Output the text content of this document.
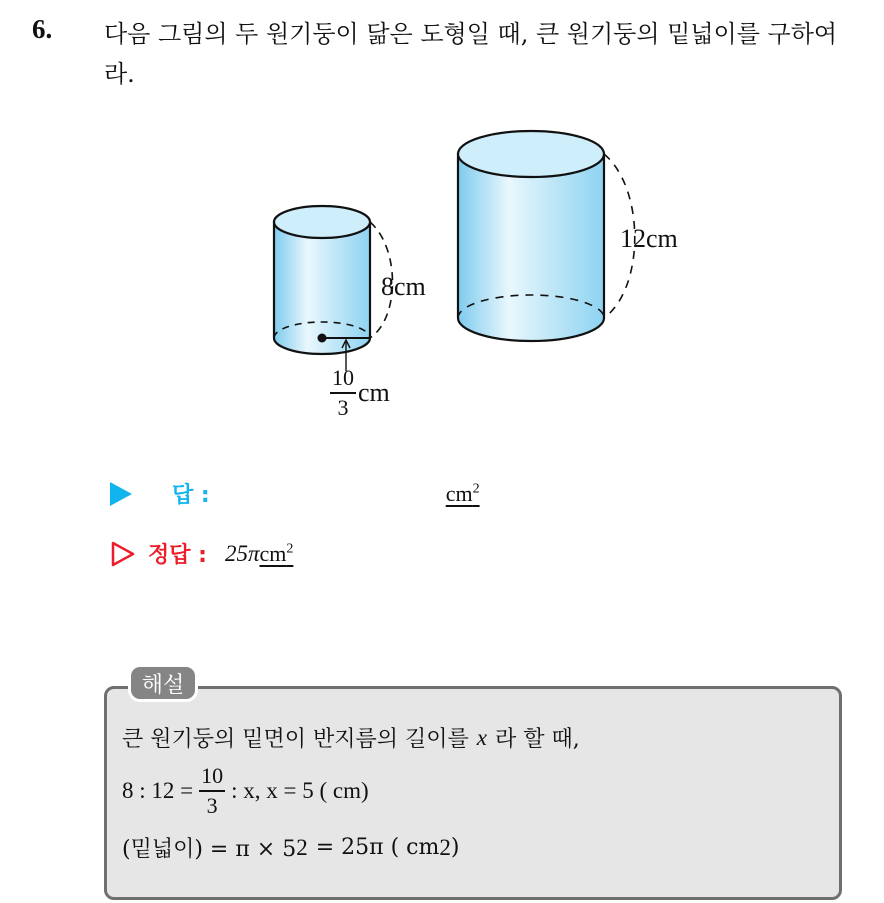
6. 다음 그림의 두 원기둥이 닮은 도형일 때, 큰 원기둥의 밑넓이를 구하여라.
8cm
12cm
$\frac{10}{3}$ cm
답 :	$cm^2$
정답 : 25π $cm^2$
해설
큰 원기둥의 밑면이 반지름의 길이를 x 라 할 때,
8 : $12 = \frac{10}{3}$ : x, x = 5 ( cm)
(밑넓이) = π × 5 2 = 25π ( cm 2 )
